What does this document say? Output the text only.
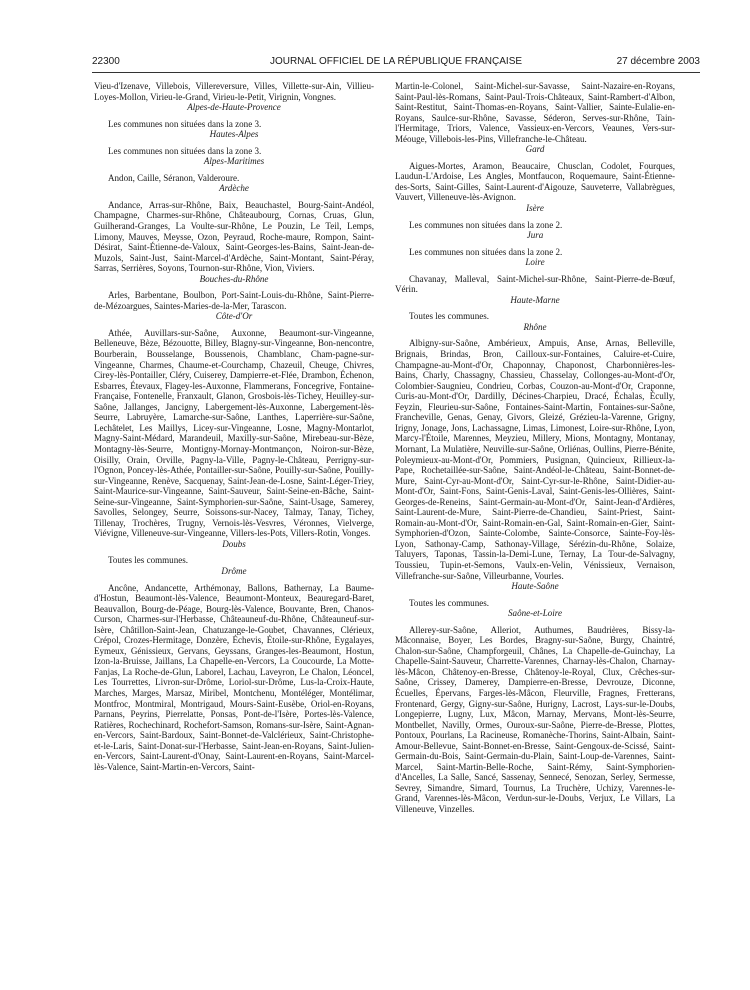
22300	JOURNAL OFFICIEL DE LA RÉPUBLIQUE FRANÇAISE	27 décembre 2003

Vieu-d'Izenave, Villebois, Villereversure, Villes, Villette-sur-Ain, Villieu-Loyes-Mollon, Virieu-le-Grand, Virieu-le-Petit, Virignin, Vongnes.

Alpes-de-Haute-Provence

Les communes non situées dans la zone 3.

Hautes-Alpes

Les communes non situées dans la zone 3.

Alpes-Maritimes

Andon, Caille, Séranon, Valderoure.

Ardèche

Andance, Arras-sur-Rhône, Baix, Beauchastel, Bourg-Saint-Andéol, Champagne, Charmes-sur-Rhône, Châteaubourg, Cornas, Cruas, Glun, Guilherand-Granges, La Voulte-sur-Rhône, Le Pouzin, Le Teil, Lemps, Limony, Mauves, Meysse, Ozon, Peyraud, Roche-maure, Rompon, Saint-Désirat, Saint-Étienne-de-Valoux, Saint-Georges-les-Bains, Saint-Jean-de-Muzols, Saint-Just, Saint-Marcel-d'Ardèche, Saint-Montant, Saint-Péray, Sarras, Serrières, Soyons, Tournon-sur-Rhône, Vion, Viviers.

Bouches-du-Rhône

Arles, Barbentane, Boulbon, Port-Saint-Louis-du-Rhône, Saint-Pierre-de-Mézoargues, Saintes-Maries-de-la-Mer, Tarascon.

Côte-d'Or

Athée, Auvillars-sur-Saône, Auxonne, Beaumont-sur-Vingeanne, Belleneuve, Bèze, Bézouotte, Billey, Blagny-sur-Vingeanne, Bon-nencontre, Bourberain, Bousselange, Boussenois, Chamblanc, Cham-pagne-sur-Vingeanne, Charmes, Chaume-et-Courchamp, Chazeuil, Cheuge, Chivres, Cirey-lès-Pontailler, Cléry, Cuiserey, Dampierre-et-Flée, Drambon, Échenon, Esbarres, Étevaux, Flagey-les-Auxonne, Flammerans, Foncegrive, Fontaine-Française, Fontenelle, Franxault, Glanon, Grosbois-lès-Tichey, Heuilley-sur-Saône, Jallanges, Jancigny, Labergement-lès-Auxonne, Labergement-lès-Seurre, Labruyère, Lamarche-sur-Saône, Lanthes, Laperrière-sur-Saône, Lechâtelet, Les Maillys, Licey-sur-Vingeanne, Losne, Magny-Montarlot, Magny-Saint-Médard, Marandeuil, Maxilly-sur-Saône, Mirebeau-sur-Bèze, Montagny-lès-Seurre, Montigny-Mornay-Montmançon, Noiron-sur-Bèze, Oisilly, Orain, Orville, Pagny-la-Ville, Pagny-le-Château, Perrigny-sur-l'Ognon, Poncey-lès-Athée, Pontailler-sur-Saône, Pouilly-sur-Saône, Pouilly-sur-Vingeanne, Renève, Sacquenay, Saint-Jean-de-Losne, Saint-Léger-Triey, Saint-Maurice-sur-Vingeanne, Saint-Sauveur, Saint-Seine-en-Bâche, Saint-Seine-sur-Vingeanne, Saint-Symphorien-sur-Saône, Saint-Usage, Samerey, Savolles, Selongey, Seurre, Soissons-sur-Nacey, Talmay, Tanay, Tichey, Tillenay, Trochères, Trugny, Vernois-lès-Vesvres, Véronnes, Vielverge, Viévigne, Villeneuve-sur-Vingeanne, Villers-les-Pots, Villers-Rotin, Vonges.

Doubs

Toutes les communes.

Drôme

Ancône, Andancette, Arthémonay, Ballons, Bathernay, La Baume-d'Hostun, Beaumont-lès-Valence, Beaumont-Monteux, Beauregard-Baret, Beauvallon, Bourg-de-Péage, Bourg-lès-Valence, Bouvante, Bren, Chanos-Curson, Charmes-sur-l'Herbasse, Châteauneuf-du-Rhône, Châteauneuf-sur-Isère, Châtillon-Saint-Jean, Chatuzange-le-Goubet, Chavannes, Clérieux, Crépol, Crozes-Hermitage, Donzère, Échevis, Étoile-sur-Rhône, Eygalayes, Eymeux, Génissieux, Gervans, Geyssans, Granges-les-Beaumont, Hostun, Izon-la-Bruisse, Jaillans, La Chapelle-en-Vercors, La Coucourde, La Motte-Fanjas, La Roche-de-Glun, Laborel, Lachau, Laveyron, Le Chalon, Léoncel, Les Tourrettes, Livron-sur-Drôme, Loriol-sur-Drôme, Lus-la-Croix-Haute, Marches, Marges, Marsaz, Miribel, Montchenu, Montéléger, Montélimar, Montfroc, Montmiral, Montrigaud, Mours-Saint-Eusèbe, Oriol-en-Royans, Parnans, Peyrins, Pierrelatte, Ponsas, Pont-de-l'Isère, Portes-lès-Valence, Ratières, Rochechinard, Rochefort-Samson, Romans-sur-Isère, Saint-Agnan-en-Vercors, Saint-Bardoux, Saint-Bonnet-de-Valclérieux, Saint-Christophe-et-le-Laris, Saint-Donat-sur-l'Herbasse, Saint-Jean-en-Royans, Saint-Julien-en-Vercors, Saint-Laurent-d'Onay, Saint-Laurent-en-Royans, Saint-Marcel-lès-Valence, Saint-Martin-en-Vercors, Saint-

Martin-le-Colonel, Saint-Michel-sur-Savasse, Saint-Nazaire-en-Royans, Saint-Paul-lès-Romans, Saint-Paul-Trois-Châteaux, Saint-Rambert-d'Albon, Saint-Restitut, Saint-Thomas-en-Royans, Saint-Vallier, Sainte-Eulalie-en-Royans, Saulce-sur-Rhône, Savasse, Séderon, Serves-sur-Rhône, Tain-l'Hermitage, Triors, Valence, Vassieux-en-Vercors, Veaunes, Vers-sur-Méouge, Villebois-les-Pins, Villefranche-le-Château.

Gard

Aigues-Mortes, Aramon, Beaucaire, Chusclan, Codolet, Fourques, Laudun-L'Ardoise, Les Angles, Montfaucon, Roquemaure, Saint-Étienne-des-Sorts, Saint-Gilles, Saint-Laurent-d'Aigouze, Sauveterre, Vallabrègues, Vauvert, Villeneuve-lès-Avignon.

Isère

Les communes non situées dans la zone 2.

Jura

Les communes non situées dans la zone 2.

Loire

Chavanay, Malleval, Saint-Michel-sur-Rhône, Saint-Pierre-de-Bœuf, Vérin.

Haute-Marne

Toutes les communes.

Rhône

Albigny-sur-Saône, Ambérieux, Ampuis, Anse, Arnas, Belleville, Brignais, Brindas, Bron, Cailloux-sur-Fontaines, Caluire-et-Cuire, Champagne-au-Mont-d'Or, Chaponnay, Chaponost, Charbonnières-les-Bains, Charly, Chassagny, Chassieu, Chasselay, Collonges-au-Mont-d'Or, Colombier-Saugnieu, Condrieu, Corbas, Couzon-au-Mont-d'Or, Craponne, Curis-au-Mont-d'Or, Dardilly, Décines-Charpieu, Dracé, Échalas, Écully, Feyzin, Fleurieu-sur-Saône, Fontaines-Saint-Martin, Fontaines-sur-Saône, Francheville, Genas, Genay, Givors, Gleizé, Grézieu-la-Varenne, Grigny, Irigny, Jonage, Jons, Lachassagne, Limas, Limonest, Loire-sur-Rhône, Lyon, Marcy-l'Étoile, Marennes, Meyzieu, Millery, Mions, Montagny, Montanay, Mornant, La Mulatière, Neuville-sur-Saône, Orliénas, Oullins, Pierre-Bénite, Poleymieux-au-Mont-d'Or, Pommiers, Pusignan, Quincieux, Rillieux-la-Pape, Rochetaillée-sur-Saône, Saint-Andéol-le-Château, Saint-Bonnet-de-Mure, Saint-Cyr-au-Mont-d'Or, Saint-Cyr-sur-le-Rhône, Saint-Didier-au-Mont-d'Or, Saint-Fons, Saint-Genis-Laval, Saint-Genis-les-Ollières, Saint-Georges-de-Reneins, Saint-Germain-au-Mont-d'Or, Saint-Jean-d'Ardières, Saint-Laurent-de-Mure, Saint-Pierre-de-Chandieu, Saint-Priest, Saint-Romain-au-Mont-d'Or, Saint-Romain-en-Gal, Saint-Romain-en-Gier, Saint-Symphorien-d'Ozon, Sainte-Colombe, Sainte-Consorce, Sainte-Foy-lès-Lyon, Sathonay-Camp, Sathonay-Village, Sérézin-du-Rhône, Solaize, Taluyers, Taponas, Tassin-la-Demi-Lune, Ternay, La Tour-de-Salvagny, Toussieu, Tupin-et-Semons, Vaulx-en-Velin, Vénissieux, Vernaison, Villefranche-sur-Saône, Villeurbanne, Vourles.

Haute-Saône

Toutes les communes.

Saône-et-Loire

Allerey-sur-Saône, Alleriot, Authumes, Baudrières, Bissy-la-Mâconnaise, Boyer, Les Bordes, Bragny-sur-Saône, Burgy, Chaintré, Chalon-sur-Saône, Champforgeuil, Chânes, La Chapelle-de-Guinchay, La Chapelle-Saint-Sauveur, Charrette-Varennes, Charnay-lès-Chalon, Charnay-lès-Mâcon, Châtenoy-en-Bresse, Châtenoy-le-Royal, Clux, Crêches-sur-Saône, Crissey, Damerey, Dampierre-en-Bresse, Devrouze, Diconne, Écuelles, Épervans, Farges-lès-Mâcon, Fleurville, Fragnes, Fretterans, Frontenard, Gergy, Gigny-sur-Saône, Hurigny, Lacrost, Lays-sur-le-Doubs, Longepierre, Lugny, Lux, Mâcon, Marnay, Mervans, Mont-lès-Seurre, Montbellet, Navilly, Ormes, Ouroux-sur-Saône, Pierre-de-Bresse, Plottes, Pontoux, Pourlans, La Racineuse, Romanèche-Thorins, Saint-Albain, Saint-Amour-Bellevue, Saint-Bonnet-en-Bresse, Saint-Gengoux-de-Scissé, Saint-Germain-du-Bois, Saint-Germain-du-Plain, Saint-Loup-de-Varennes, Saint-Marcel, Saint-Martin-Belle-Roche, Saint-Rémy, Saint-Symphorien-d'Ancelles, La Salle, Sancé, Sassenay, Sennecé, Senozan, Serley, Sermesse, Sevrey, Simandre, Simard, Tournus, La Truchère, Uchizy, Varennes-le-Grand, Varennes-lès-Mâcon, Verdun-sur-le-Doubs, Verjux, Le Villars, La Villeneuve, Vinzelles.
